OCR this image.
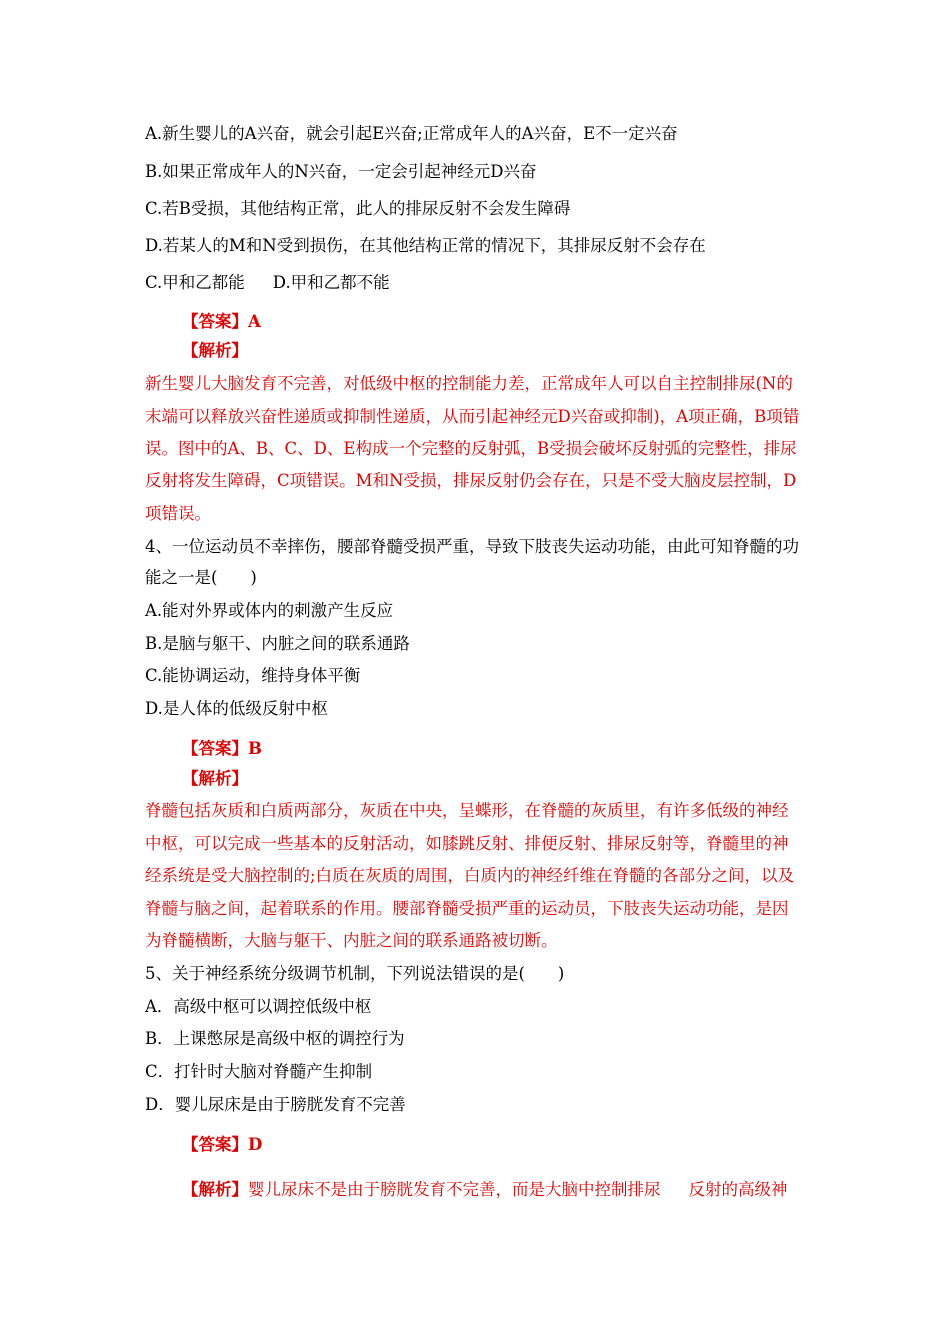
A.新生婴儿的A兴奋，就会引起E兴奋;正常成年人的A兴奋，E不一定兴奋
B.如果正常成年人的N兴奋，一定会引起神经元D兴奋
C.若B受损，其他结构正常，此人的排尿反射不会发生障碍
D.若某人的M和N受到损伤，在其他结构正常的情况下，其排尿反射不会存在
C.甲和乙都能 D.甲和乙都不能
【答案】A
【解析】
新生婴儿大脑发育不完善，对低级中枢的控制能力差，正常成年人可以自主控制排尿(N的
末端可以释放兴奋性递质或抑制性递质，从而引起神经元D兴奋或抑制)，A项正确，B项错
误。图中的A、B、C、D、E构成一个完整的反射弧，B受损会破坏反射弧的完整性，排尿
反射将发生障碍，C项错误。M和N受损，排尿反射仍会存在，只是不受大脑皮层控制，D
项错误。
4、一位运动员不幸摔伤，腰部脊髓受损严重，导致下肢丧失运动功能，由此可知脊髓的功
能之一是(　　)
A.能对外界或体内的刺激产生反应
B.是脑与躯干、内脏之间的联系通路
C.能协调运动，维持身体平衡
D.是人体的低级反射中枢
【答案】B
【解析】
脊髓包括灰质和白质两部分，灰质在中央，呈蝶形，在脊髓的灰质里，有许多低级的神经
中枢，可以完成一些基本的反射活动，如膝跳反射、排便反射、排尿反射等，脊髓里的神
经系统是受大脑控制的;白质在灰质的周围，白质内的神经纤维在脊髓的各部分之间，以及
脊髓与脑之间，起着联系的作用。腰部脊髓受损严重的运动员，下肢丧失运动功能，是因
为脊髓横断，大脑与躯干、内脏之间的联系通路被切断。
5、关于神经系统分级调节机制，下列说法错误的是(　　)
A．高级中枢可以调控低级中枢
B．上课憋尿是高级中枢的调控行为
C．打针时大脑对脊髓产生抑制
D．婴儿尿床是由于膀胱发育不完善
【答案】D
【解析】婴儿尿床不是由于膀胱发育不完善，而是大脑中控制排尿 反射的高级神
